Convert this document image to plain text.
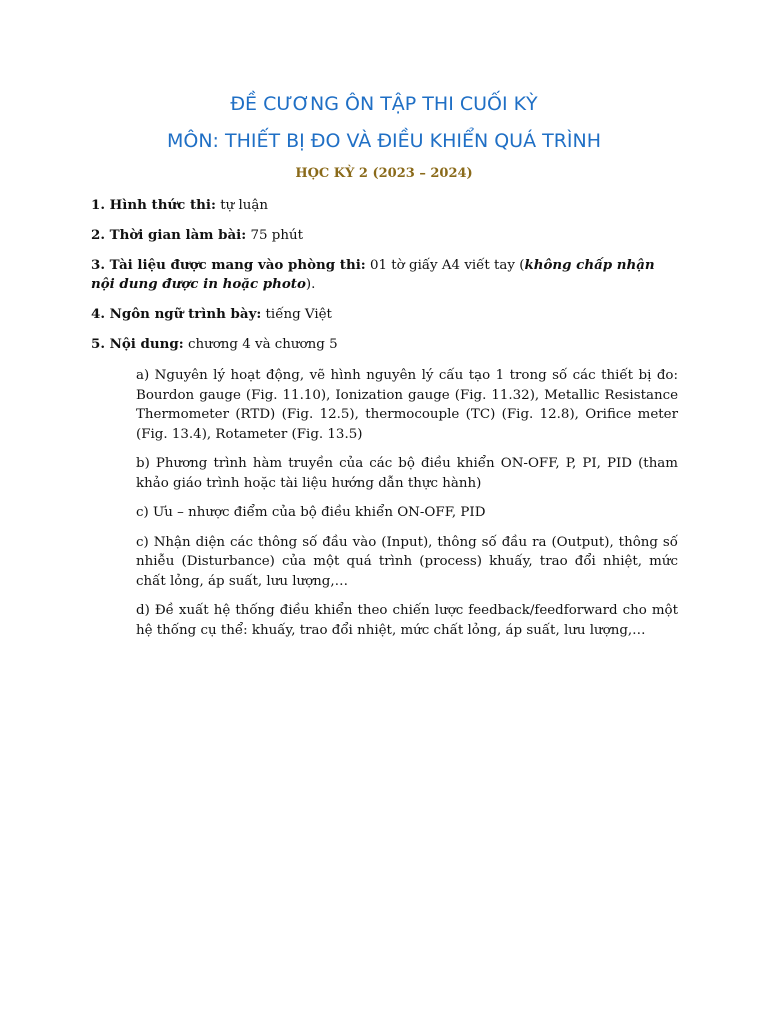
ĐỀ CƯƠNG ÔN TẬP THI CUỐI KỲ
MÔN: THIẾT BỊ ĐO VÀ ĐIỀU KHIỂN QUÁ TRÌNH

HỌC KỲ 2 (2023 – 2024)

1. Hình thức thi: tự luận

2. Thời gian làm bài: 75 phút

3. Tài liệu được mang vào phòng thi: 01 tờ giấy A4 viết tay (không chấp nhận nội dung được in hoặc photo).

4. Ngôn ngữ trình bày: tiếng Việt

5. Nội dung: chương 4 và chương 5

a) Nguyên lý hoạt động, vẽ hình nguyên lý cấu tạo 1 trong số các thiết bị đo: Bourdon gauge (Fig. 11.10), Ionization gauge (Fig. 11.32), Metallic Resistance Thermometer (RTD) (Fig. 12.5), thermocouple (TC) (Fig. 12.8), Orifice meter (Fig. 13.4), Rotameter (Fig. 13.5)

b) Phương trình hàm truyền của các bộ điều khiển ON-OFF, P, PI, PID (tham khảo giáo trình hoặc tài liệu hướng dẫn thực hành)

c) Ưu – nhược điểm của bộ điều khiển ON-OFF, PID

c) Nhận diện các thông số đầu vào (Input), thông số đầu ra (Output), thông số nhiễu (Disturbance) của một quá trình (process) khuấy, trao đổi nhiệt, mức chất lỏng, áp suất, lưu lượng,…

d) Đề xuất hệ thống điều khiển theo chiến lược feedback/feedforward cho một hệ thống cụ thể: khuấy, trao đổi nhiệt, mức chất lỏng, áp suất, lưu lượng,…
